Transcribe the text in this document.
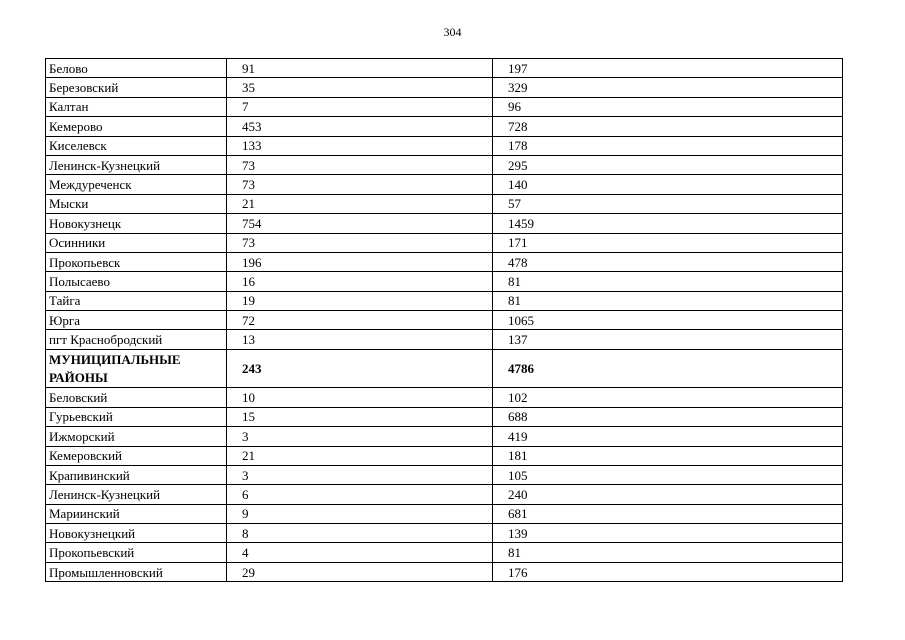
304
Белово	91	197
Березовский	35	329
Калтан	7	96
Кемерово	453	728
Киселевск	133	178
Ленинск-Кузнецкий	73	295
Междуреченск	73	140
Мыски	21	57
Новокузнецк	754	1459
Осинники	73	171
Прокопьевск	196	478
Полысаево	16	81
Тайга	19	81
Юрга	72	1065
пгт Краснобродский	13	137
МУНИЦИПАЛЬНЫЕ РАЙОНЫ	243	4786
Беловский	10	102
Гурьевский	15	688
Ижморский	3	419
Кемеровский	21	181
Крапивинский	3	105
Ленинск-Кузнецкий	6	240
Мариинский	9	681
Новокузнецкий	8	139
Прокопьевский	4	81
Промышленновский	29	176
